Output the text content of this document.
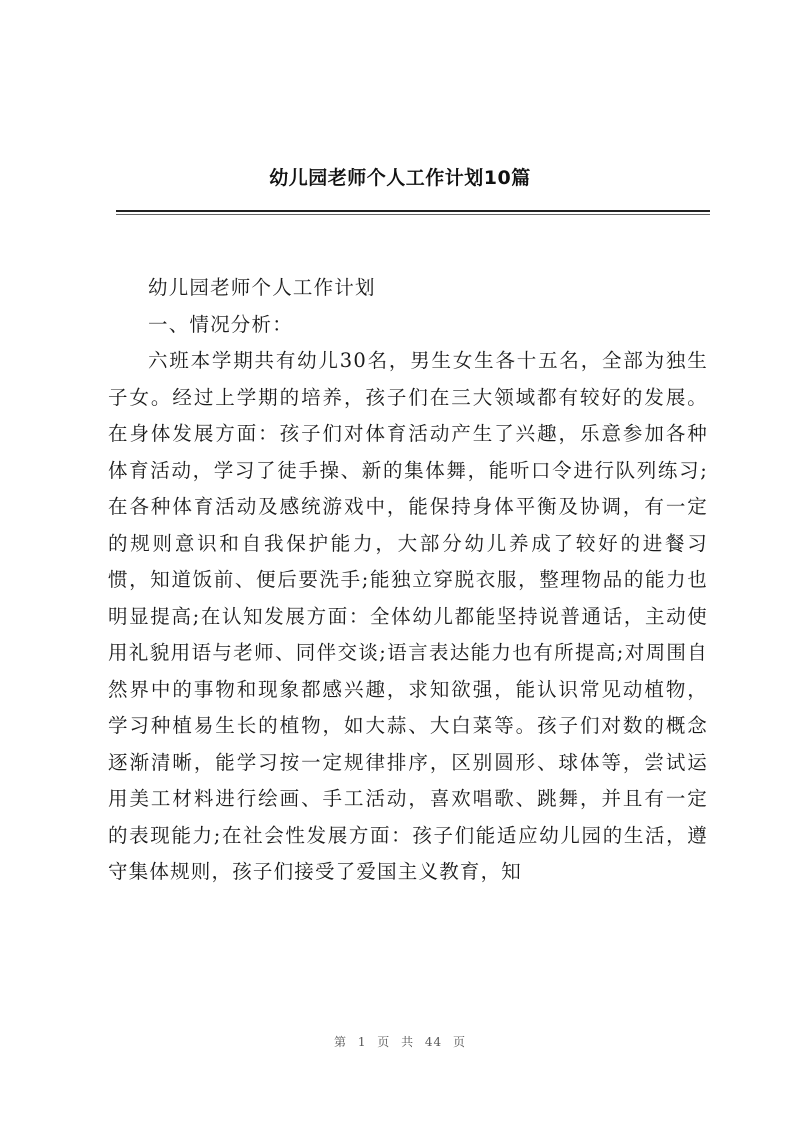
幼儿园老师个人工作计划10篇

幼儿园老师个人工作计划

一、情况分析：

六班本学期共有幼儿30名，男生女生各十五名，全部为独生子女。经过上学期的培养，孩子们在三大领域都有较好的发展。在身体发展方面：孩子们对体育活动产生了兴趣，乐意参加各种体育活动，学习了徒手操、新的集体舞，能听口令进行队列练习;在各种体育活动及感统游戏中，能保持身体平衡及协调，有一定的规则意识和自我保护能力，大部分幼儿养成了较好的进餐习惯，知道饭前、便后要洗手;能独立穿脱衣服，整理物品的能力也明显提高;在认知发展方面：全体幼儿都能坚持说普通话，主动使用礼貌用语与老师、同伴交谈;语言表达能力也有所提高;对周围自然界中的事物和现象都感兴趣，求知欲强，能认识常见动植物，学习种植易生长的植物，如大蒜、大白菜等。孩子们对数的概念逐渐清晰，能学习按一定规律排序，区别圆形、球体等，尝试运用美工材料进行绘画、手工活动，喜欢唱歌、跳舞，并且有一定的表现能力;在社会性发展方面：孩子们能适应幼儿园的生活，遵守集体规则，孩子们接受了爱国主义教育，知

第 1 页 共 44 页
